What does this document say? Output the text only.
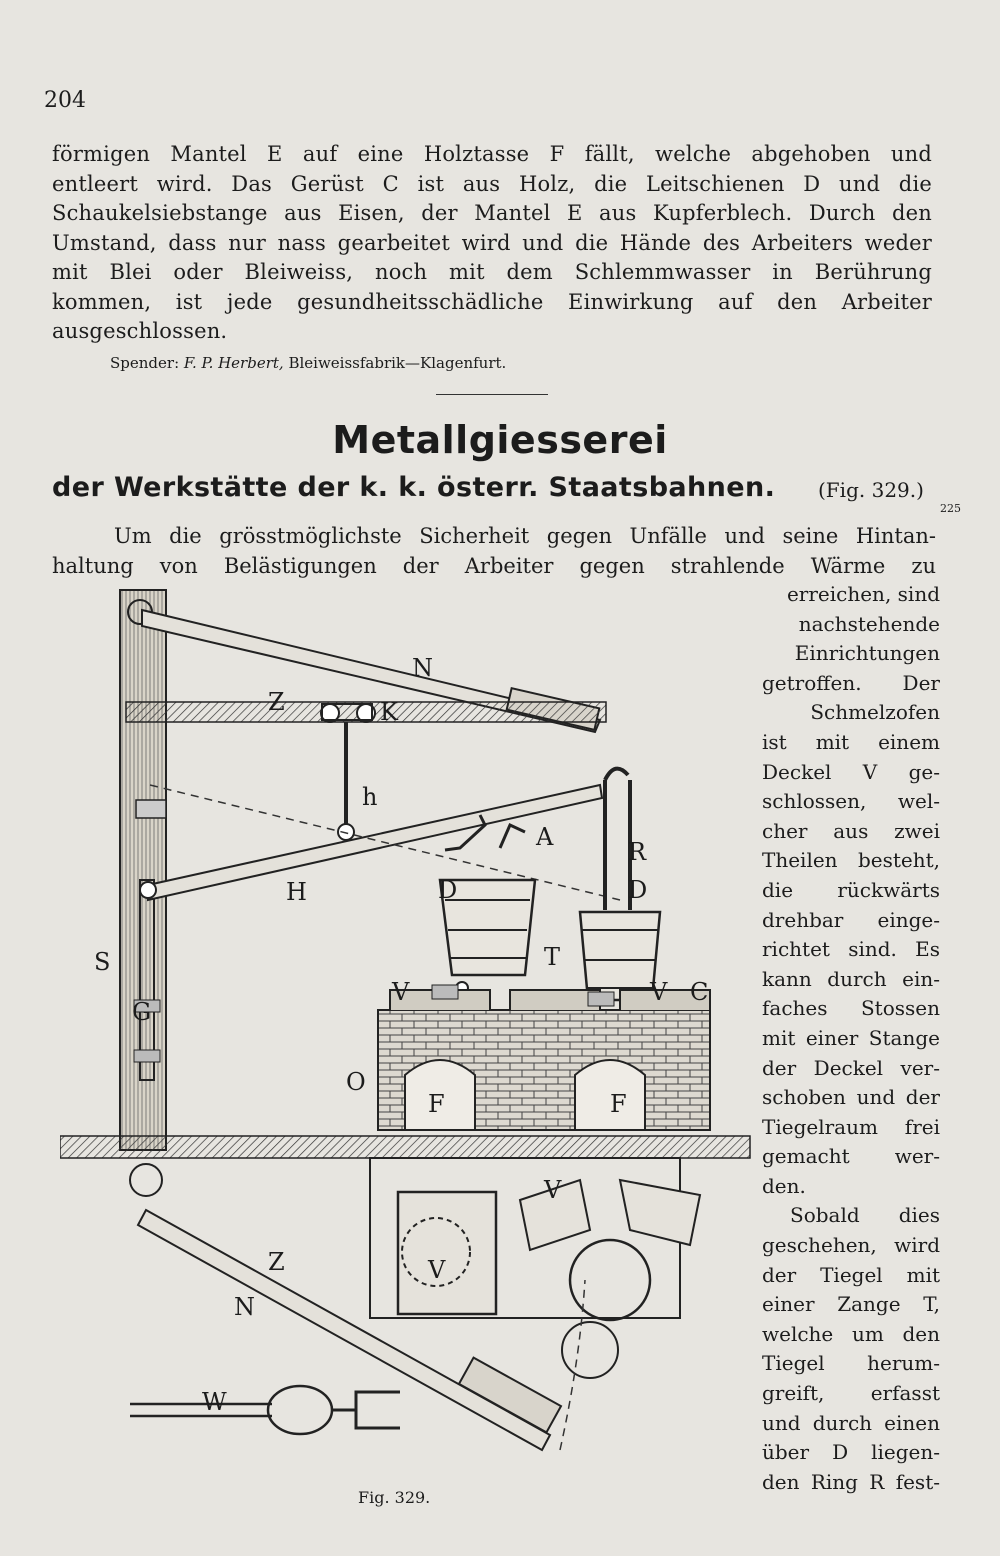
204
förmigen Mantel E auf eine Holztasse F fällt, welche abgehoben und
entleert wird. Das Gerüst C ist aus Holz, die Leitschienen D und die
Schaukelsiebstange aus Eisen, der Mantel E aus Kupferblech. Durch den
Umstand, dass nur nass gearbeitet wird und die Hände des Arbeiters weder
mit Blei oder Bleiweiss, noch mit dem Schlemmwasser in Berührung
kommen, ist jede gesundheitsschädliche Einwirkung auf den Arbeiter
ausgeschlossen.
Spender: F. P. Herbert, Bleiweissfabrik—Klagenfurt.
Metallgiesserei
der Werkstätte der k. k. österr. Staatsbahnen. (Fig. 329.)
225
Um die grösstmöglichste Sicherheit gegen Unfälle und seine Hintan-
haltung von Belästigungen der Arbeiter gegen strahlende Wärme zu
erreichen, sind
nachstehende
Einrichtungen
getroffen. Der
Schmelzofen
ist mit einem
Deckel V ge-
schlossen, wel-
cher aus zwei
Theilen besteht,
die rückwärts
drehbar einge-
richtet sind. Es
kann durch ein-
faches Stossen
mit einer Stange
der Deckel ver-
schoben und der
Tiegelraum frei
gemacht wer-
den.
Sobald dies
geschehen, wird
der Tiegel mit
einer Zange T,
welche um den
Tiegel herum-
greift, erfasst
und durch einen
über D liegen-
den Ring R fest-
N
Z	K
h
A
R
H	D	D
T
S
G
V	V C
O
F	F
V
V
Z
N
W
Fig. 329.
